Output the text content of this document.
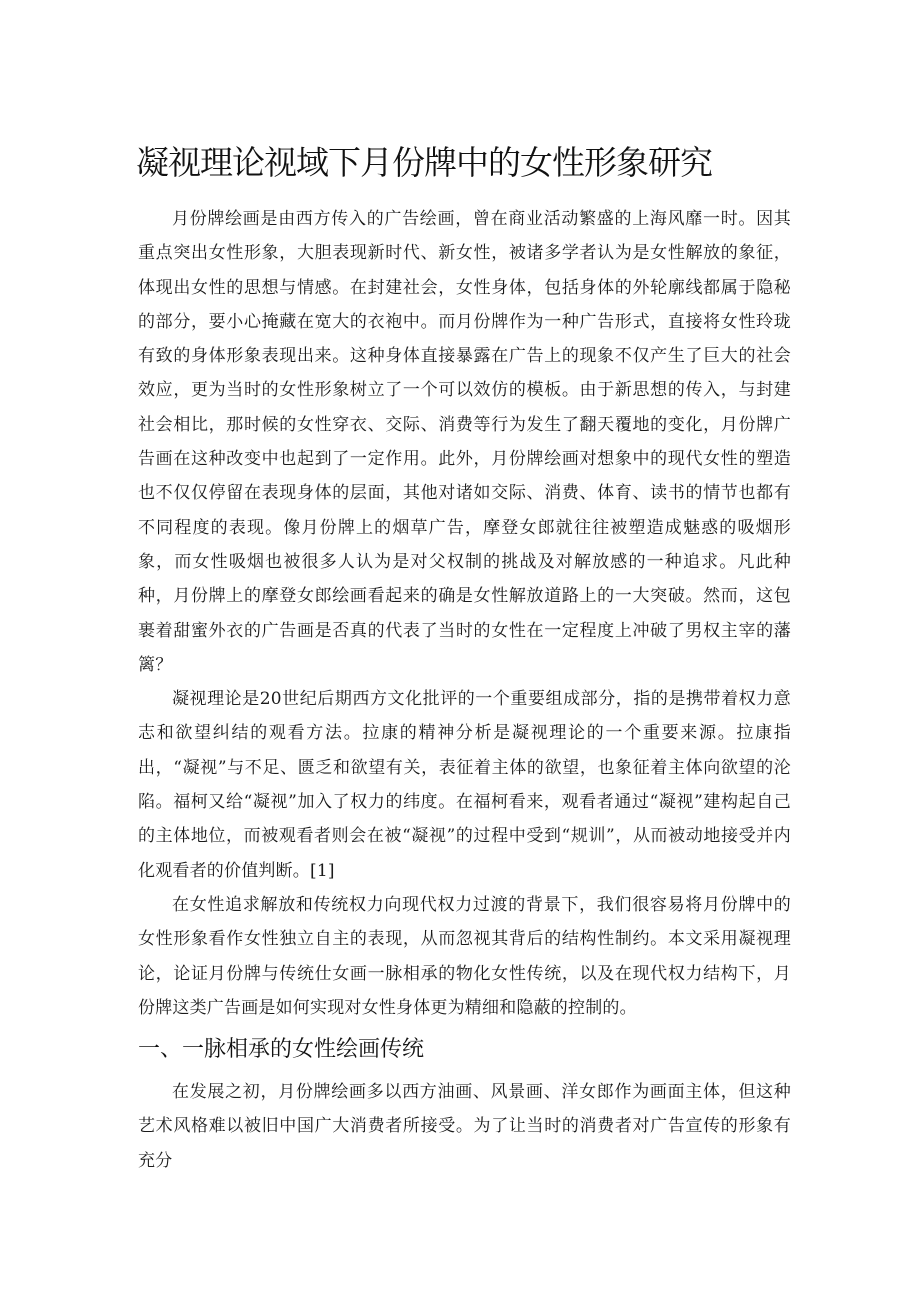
凝视理论视域下月份牌中的女性形象研究

月份牌绘画是由西方传入的广告绘画，曾在商业活动繁盛的上海风靡一时。因其重点突出女性形象，大胆表现新时代、新女性，被诸多学者认为是女性解放的象征，体现出女性的思想与情感。在封建社会，女性身体，包括身体的外轮廓线都属于隐秘的部分，要小心掩藏在宽大的衣袍中。而月份牌作为一种广告形式，直接将女性玲珑有致的身体形象表现出来。这种身体直接暴露在广告上的现象不仅产生了巨大的社会效应，更为当时的女性形象树立了一个可以效仿的模板。由于新思想的传入，与封建社会相比，那时候的女性穿衣、交际、消费等行为发生了翻天覆地的变化，月份牌广告画在这种改变中也起到了一定作用。此外，月份牌绘画对想象中的现代女性的塑造也不仅仅停留在表现身体的层面，其他对诸如交际、消费、体育、读书的情节也都有不同程度的表现。像月份牌上的烟草广告，摩登女郎就往往被塑造成魅惑的吸烟形象，而女性吸烟也被很多人认为是对父权制的挑战及对解放感的一种追求。凡此种种，月份牌上的摩登女郎绘画看起来的确是女性解放道路上的一大突破。然而，这包裹着甜蜜外衣的广告画是否真的代表了当时的女性在一定程度上冲破了男权主宰的藩篱？

凝视理论是20世纪后期西方文化批评的一个重要组成部分，指的是携带着权力意志和欲望纠结的观看方法。拉康的精神分析是凝视理论的一个重要来源。拉康指出，“凝视”与不足、匮乏和欲望有关，表征着主体的欲望，也象征着主体向欲望的沦陷。福柯又给“凝视”加入了权力的纬度。在福柯看来，观看者通过“凝视”建构起自己的主体地位，而被观看者则会在被“凝视”的过程中受到“规训”，从而被动地接受并内化观看者的价值判断。[1]

在女性追求解放和传统权力向现代权力过渡的背景下，我们很容易将月份牌中的女性形象看作女性独立自主的表现，从而忽视其背后的结构性制约。本文采用凝视理论，论证月份牌与传统仕女画一脉相承的物化女性传统，以及在现代权力结构下，月份牌这类广告画是如何实现对女性身体更为精细和隐蔽的控制的。

一、一脉相承的女性绘画传统

在发展之初，月份牌绘画多以西方油画、风景画、洋女郎作为画面主体，但这种艺术风格难以被旧中国广大消费者所接受。为了让当时的消费者对广告宣传的形象有充分
